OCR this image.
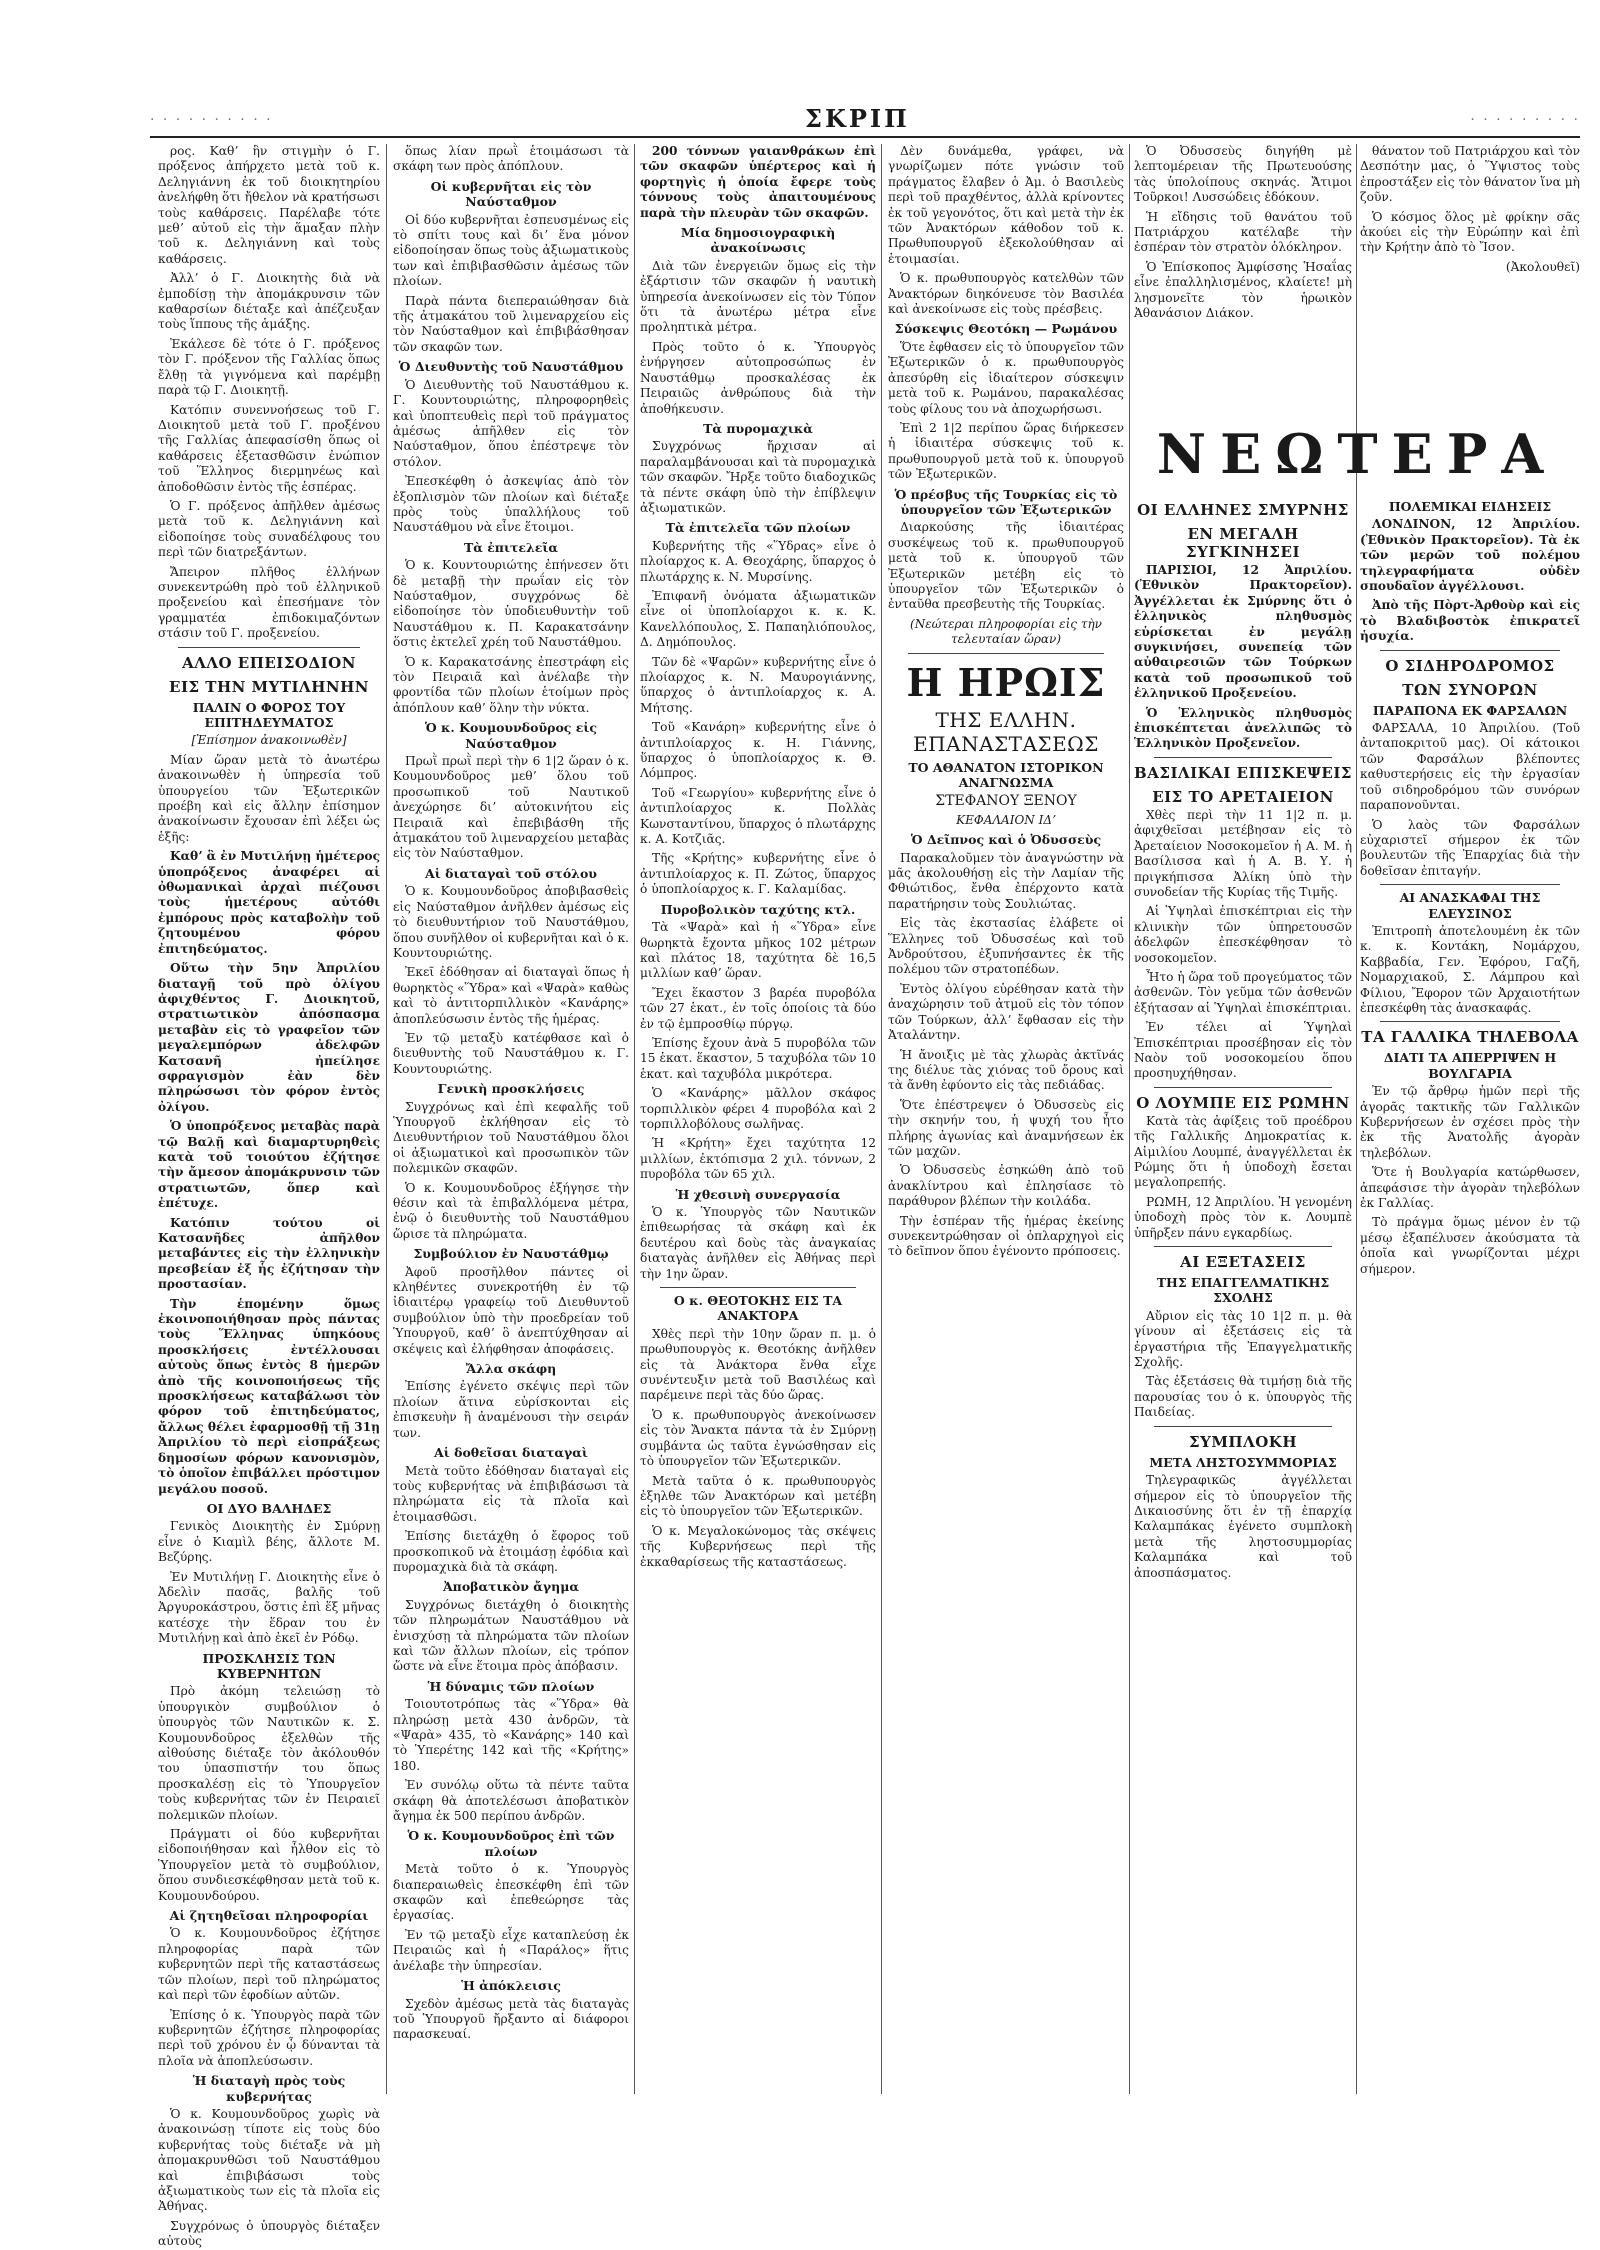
· · · · · · · · · ·	ΣΚΡΙΠ	· · · · · · · · ·

ρος. Καθʼ ἣν στιγμὴν ὁ Γ. πρόξενος ἀπήρχετο μετὰ τοῦ κ. Δεληγιάννη ἐκ τοῦ διοικητηρίου ἀνελήφθη ὅτι ἤθελον νὰ κρατήσωσι τοὺς καθάρσεις. Παρέλαβε τότε μεθʼ αὐτοῦ εἰς τὴν ἅμαξαν πλὴν τοῦ κ. Δεληγιάννη καὶ τοὺς καθάρσεις.

Ἀλλʼ ὁ Γ. Διοικητὴς διὰ νὰ ἐμποδίσῃ τὴν ἀπομάκρυνσιν τῶν καθαρσίων διέταξε καὶ ἀπέζευξαν τοὺς ἵππους τῆς ἁμάξης.

Ἐκάλεσε δὲ τότε ὁ Γ. πρόξενος τὸν Γ. πρόξενον τῆς Γαλλίας ὅπως ἔλθῃ τὰ γιγνόμενα καὶ παρέμβῃ παρὰ τῷ Γ. Διοικητῇ.

Κατόπιν συνεννοήσεως τοῦ Γ. Διοικητοῦ μετὰ τοῦ Γ. προξένου τῆς Γαλλίας ἀπεφασίσθη ὅπως οἱ καθάρσεις ἐξετασθῶσιν ἐνώπιον τοῦ Ἕλληνος διερμηνέως καὶ ἀποδοθῶσιν ἐντὸς τῆς ἑσπέρας.

Ὁ Γ. πρόξενος ἀπῆλθεν ἀμέσως μετὰ τοῦ κ. Δεληγιάννη καὶ εἰδοποίησε τοὺς συναδέλφους του περὶ τῶν διατρεξάντων.

Ἄπειρον πλῆθος ἑλλήνων συνεκεντρώθη πρὸ τοῦ ἑλληνικοῦ προξενείου καὶ ἐπεσήμανε τὸν γραμματέα ἐπιδοκιμαζόντων στάσιν τοῦ Γ. προξενείου.

ΑΛΛΟ ΕΠΕΙΣΟΔΙΟΝ
ΕΙΣ ΤΗΝ ΜΥΤΙΛΗΝΗΝ
ΠΑΛΙΝ Ο ΦΟΡΟΣ ΤΟΥ ΕΠΙΤΗΔΕΥΜΑΤΟΣ
[Ἐπίσημον ἀνακοινωθὲν]

Μίαν ὥραν μετὰ τὸ ἀνωτέρω ἀνακοινωθὲν ἡ ὑπηρεσία τοῦ ὑπουργείου τῶν Ἐξωτερικῶν προέβη καὶ εἰς ἄλλην ἐπίσημον ἀνακοίνωσιν ἔχουσαν ἐπὶ λέξει ὡς ἑξῆς:

Καθʼ ἃ ἐν Μυτιλήνῃ ἡμέτερος ὑποπρόξενος ἀναφέρει αἱ ὀθωμανικαὶ ἀρχαὶ πιέζουσι τοὺς ἡμετέρους αὐτόθι ἐμπόρους πρὸς καταβολὴν τοῦ ζητουμένου φόρου ἐπιτηδεύματος.

Οὕτω τὴν 5ην Ἀπριλίου διαταγῇ τοῦ πρὸ ὀλίγου ἀφιχθέντος Γ. Διοικητοῦ, στρατιωτικὸν ἀπόσπασμα μεταβὰν εἰς τὸ γραφεῖον τῶν μεγαλεμπόρων ἀδελφῶν Κατσανῆ ἠπείλησε σφραγισμὸν ἐὰν δὲν πληρώσωσι τὸν φόρον ἐντὸς ὀλίγου.

Ὁ ὑποπρόξενος μεταβὰς παρὰ τῷ Βαλῇ καὶ διαμαρτυρηθεὶς κατὰ τοῦ τοιούτου ἐζήτησε τὴν ἄμεσον ἀπομάκρυνσιν τῶν στρατιωτῶν, ὅπερ καὶ ἐπέτυχε.

Κατόπιν τούτου οἱ Κατσανῆδες ἀπῆλθον μεταβάντες εἰς τὴν ἐλληνικὴν πρεσβείαν ἐξ ἧς ἐζήτησαν τὴν προστασίαν.

Τὴν ἑπομένην ὅμως ἐκοινοποιήθησαν πρὸς πάντας τοὺς Ἕλληνας ὑπηκόους προσκλήσεις ἐντέλλουσαι αὐτοὺς ὅπως ἐντὸς 8 ἡμερῶν ἀπὸ τῆς κοινοποιήσεως τῆς προσκλήσεως καταβάλωσι τὸν φόρον τοῦ ἐπιτηδεύματος, ἄλλως θέλει ἐφαρμοσθῇ τῇ 31ῃ Ἀπριλίου τὸ περὶ εἰσπράξεως δημοσίων φόρων κανονισμὸν, τὸ ὁποῖον ἐπιβάλλει πρόστιμον μεγάλου ποσοῦ.

ΟΙ ΔΥΟ ΒΑΛΗΔΕΣ

Γενικὸς Διοικητὴς ἐν Σμύρνῃ εἶνε ὁ Κιαμὶλ βέης, ἄλλοτε Μ. Βεζύρης.

Ἐν Μυτιλήνῃ Γ. Διοικητὴς εἶνε ὁ Ἀδελὶν πασᾶς, βαλῆς τοῦ Ἀργυροκάστρου, ὅστις ἐπὶ ἕξ μῆνας κατέσχε τὴν ἕδραν του ἐν Μυτιλήνῃ καὶ ἀπὸ ἐκεῖ ἐν Ρόδῳ.

ΠΡΟΣΚΛΗΣΙΣ ΤΩΝ ΚΥΒΕΡΝΗΤΩΝ

Πρὸ ἀκόμη τελειώσῃ τὸ ὑπουργικὸν συμβούλιον ὁ ὑπουργὸς τῶν Ναυτικῶν κ. Σ. Κουμουνδοῦρος ἐξελθὼν τῆς αἰθούσης διέταξε τὸν ἀκόλουθόν του ὑπασπιστήν του ὅπως προσκαλέσῃ εἰς τὸ Ὑπουργεῖον τοὺς κυβερνήτας τῶν ἐν Πειραιεῖ πολεμικῶν πλοίων.

Πράγματι οἱ δύο κυβερνῆται εἰδοποιήθησαν καὶ ἦλθον εἰς τὸ Ὑπουργεῖον μετὰ τὸ συμβούλιον, ὅπου συνδιεσκέφθησαν μετὰ τοῦ κ. Κουμουνδούρου.

Αἱ ζητηθεῖσαι πληροφορίαι

Ὁ κ. Κουμουνδοῦρος ἐζήτησε πληροφορίας παρὰ τῶν κυβερνητῶν περὶ τῆς καταστάσεως τῶν πλοίων, περὶ τοῦ πληρώματος καὶ περὶ τῶν ἐφοδίων αὐτῶν.

Ἐπίσης ὁ κ. Ὑπουργὸς παρὰ τῶν κυβερνητῶν ἐζήτησε πληροφορίας περὶ τοῦ χρόνου ἐν ᾧ δύνανται τὰ πλοῖα νὰ ἀποπλεύσωσιν.

Ἡ διαταγὴ πρὸς τοὺς κυβερνήτας

Ὁ κ. Κουμουνδοῦρος χωρὶς νὰ ἀνακοινώσῃ τίποτε εἰς τοὺς δύο κυβερνήτας τοὺς διέταξε νὰ μὴ ἀπομακρυνθῶσι τοῦ Ναυστάθμου καὶ ἐπιβιβάσωσι τοὺς ἀξιωματικοὺς των εἰς τὰ πλοῖα εἰς Ἀθήνας.

Συγχρόνως ὁ ὑπουργὸς διέταξεν αὐτοὺς

ὅπως λίαν πρωῒ ἑτοιμάσωσι τὰ σκάφη των πρὸς ἀπόπλουν.

Οἱ κυβερνῆται εἰς τὸν Ναύσταθμον

Οἱ δύο κυβερνῆται ἐσπευσμένως εἰς τὸ σπίτι τους καὶ διʼ ἕνα μόνον εἰδοποίησαν ὅπως τοὺς ἀξιωματικοὺς των καὶ ἐπιβιβασθῶσιν ἀμέσως τῶν πλοίων.

Παρὰ πάντα διεπεραιώθησαν διὰ τῆς ἀτμακάτου τοῦ λιμεναρχείου εἰς τὸν Ναύσταθμον καὶ ἐπιβιβάσθησαν τῶν σκαφῶν των.

Ὁ Διευθυντὴς τοῦ Ναυστάθμου

Ὁ Διευθυντὴς τοῦ Ναυστάθμου κ. Γ. Κουντουριώτης, πληροφορηθεὶς καὶ ὑποπτευθεὶς περὶ τοῦ πράγματος ἀμέσως ἀπῆλθεν εἰς τὸν Ναύσταθμον, ὅπου ἐπέστρεψε τὸν στόλον.

Ἐπεσκέφθη ὁ ἀσκεψίας ἀπὸ τὸν ἐξοπλισμὸν τῶν πλοίων καὶ διέταξε πρὸς τοὺς ὑπαλλήλους τοῦ Ναυστάθμου νὰ εἶνε ἕτοιμοι.

Τὰ ἐπιτελεῖα

Ὁ κ. Κουντουριώτης ἐπήνεσεν ὅτι δὲ μεταβῇ τὴν πρωΐαν εἰς τὸν Ναύσταθμον, συγχρόνως δὲ εἰδοποίησε τὸν ὑποδιευθυντὴν τοῦ Ναυστάθμου κ. Π. Καρακατσάνην ὅστις ἐκτελεῖ χρέη τοῦ Ναυστάθμου.

Ὁ κ. Καρακατσάνης ἐπεστράφη εἰς τὸν Πειραιᾶ καὶ ἀνέλαβε τὴν φροντίδα τῶν πλοίων ἑτοίμων πρὸς ἀπόπλουν καθʼ ὅλην τὴν νύκτα.

Ὁ κ. Κουμουνδοῦρος εἰς Ναύσταθμον

Πρωῒ πρωῒ περὶ τὴν 6 1|2 ὥραν ὁ κ. Κουμουνδοῦρος μεθʼ ὅλου τοῦ προσωπικοῦ τοῦ Ναυτικοῦ ἀνεχώρησε διʼ αὐτοκινήτου εἰς Πειραιᾶ καὶ ἐπεβιβάσθη τῆς ἀτμακάτου τοῦ λιμεναρχείου μεταβὰς εἰς τὸν Ναύσταθμον.

Αἱ διαταγαὶ τοῦ στόλου

Ὁ κ. Κουμουνδοῦρος ἀποβιβασθεὶς εἰς Ναύσταθμον ἀνῆλθεν ἀμέσως εἰς τὸ διευθυντήριον τοῦ Ναυστάθμου, ὅπου συνῆλθον οἱ κυβερνῆται καὶ ὁ κ. Κουντουριώτης.

Ἐκεῖ ἐδόθησαν αἱ διαταγαὶ ὅπως ἡ θωρηκτὸς «Ὕδρα» καὶ «Ψαρὰ» καθὼς καὶ τὸ ἀντιτορπιλλικὸν «Κανάρης» ἀποπλεύσωσιν ἐντὸς τῆς ἡμέρας.

Ἐν τῷ μεταξὺ κατέφθασε καὶ ὁ διευθυντὴς τοῦ Ναυστάθμου κ. Γ. Κουντουριώτης.

Γενικὴ προσκλήσεις

Συγχρόνως καὶ ἐπὶ κεφαλῆς τοῦ Ὑπουργοῦ ἐκλήθησαν εἰς τὸ Διευθυντήριον τοῦ Ναυστάθμου ὅλοι οἱ ἀξιωματικοὶ καὶ προσωπικὸν τῶν πολεμικῶν σκαφῶν.

Ὁ κ. Κουμουνδοῦρος ἐξήγησε τὴν θέσιν καὶ τὰ ἐπιβαλλόμενα μέτρα, ἐνῷ ὁ διευθυντὴς τοῦ Ναυστάθμου ὥρισε τὰ πληρώματα.

Συμβούλιον ἐν Ναυστάθμῳ

Ἀφοῦ προσῆλθον πάντες οἱ κληθέντες συνεκροτήθη ἐν τῷ ἰδιαιτέρῳ γραφείῳ τοῦ Διευθυντοῦ συμβούλιον ὑπὸ τὴν προεδρείαν τοῦ Ὑπουργοῦ, καθʼ ὃ ἀνεπτύχθησαν αἱ σκέψεις καὶ ἐλήφθησαν ἀποφάσεις.

Ἄλλα σκάφη

Ἐπίσης ἐγένετο σκέψις περὶ τῶν πλοίων ἅτινα εὑρίσκονται εἰς ἐπισκευὴν ἢ ἀναμένουσι τὴν σειράν των.

Αἱ δοθεῖσαι διαταγαὶ

Μετὰ τοῦτο ἐδόθησαν διαταγαὶ εἰς τοὺς κυβερνήτας νὰ ἐπιβιβάσωσι τὰ πληρώματα εἰς τὰ πλοῖα καὶ ἑτοιμασθῶσι.

Ἐπίσης διετάχθη ὁ ἔφορος τοῦ προσκοπικοῦ νὰ ἐτοιμάσῃ ἐφόδια καὶ πυρομαχικὰ διὰ τὰ σκάφη.

Ἀποβατικὸν ἄγημα

Συγχρόνως διετάχθη ὁ διοικητὴς τῶν πληρωμάτων Ναυστάθμου νὰ ἐνισχύσῃ τὰ πληρώματα τῶν πλοίων καὶ τῶν ἄλλων πλοίων, εἰς τρόπον ὥστε νὰ εἶνε ἕτοιμα πρὸς ἀπόβασιν.

Ἡ δύναμις τῶν πλοίων

Τοιουτοτρόπως τὰς «Ὕδρα» θὰ πληρώσῃ μετὰ 430 ἀνδρῶν, τὰ «Ψαρὰ» 435, τὸ «Κανάρης» 140 καὶ τὸ Ὑπερέτης 142 καὶ τῆς «Κρήτης» 180.

Ἐν συνόλῳ οὕτω τὰ πέντε ταῦτα σκάφη θὰ ἀποτελέσωσι ἀποβατικὸν ἄγημα ἐκ 500 περίπου ἀνδρῶν.

Ὁ κ. Κουμουνδοῦρος ἐπὶ τῶν πλοίων

Μετὰ τοῦτο ὁ κ. Ὑπουργὸς διαπεραιωθεὶς ἐπεσκέφθη ἐπὶ τῶν σκαφῶν καὶ ἐπεθεώρησε τὰς ἐργασίας.

Ἐν τῷ μεταξὺ εἶχε καταπλεύσῃ ἐκ Πειραιῶς καὶ ἡ «Παράλος» ἥτις ἀνέλαβε τὴν ὑπηρεσίαν.

Ἡ ἀπόκλεισις

Σχεδὸν ἀμέσως μετὰ τὰς διαταγὰς τοῦ Ὑπουργοῦ ἤρξαντο αἱ διάφοροι παρασκευαί.

200 τόννων γαιανθράκων ἐπὶ τῶν σκαφῶν ὑπέρτερος καὶ ἡ φορτηγὶς ἡ ὁποία ἔφερε τοὺς τόννους τοὺς ἀπαιτουμένους παρὰ τὴν πλευρὰν τῶν σκαφῶν.

Μία δημοσιογραφικὴ ἀνακοίνωσις

Διὰ τῶν ἐνεργειῶν ὅμως εἰς τὴν ἐξάρτισιν τῶν σκαφῶν ἡ ναυτικὴ ὑπηρεσία ἀνεκοίνωσεν εἰς τὸν Τύπον ὅτι τὰ ἀνωτέρω μέτρα εἶνε προληπτικὰ μέτρα.

Πρὸς τοῦτο ὁ κ. Ὑπουργὸς ἐνήργησεν αὐτοπροσώπως ἐν Ναυστάθμῳ προσκαλέσας ἐκ Πειραιῶς ἀνθρώπους διὰ τὴν ἀποθήκευσιν.

Τὰ πυρομαχικὰ

Συγχρόνως ἤρχισαν αἱ παραλαμβάνουσαι καὶ τὰ πυρομαχικὰ τῶν σκαφῶν. Ἤρξε τοῦτο διαδοχικῶς τὰ πέντε σκάφη ὑπὸ τὴν ἐπίβλεψιν ἀξιωματικῶν.

Τὰ ἐπιτελεῖα τῶν πλοίων

Κυβερνήτης τῆς «Ὕδρας» εἶνε ὁ πλοίαρχος κ. Α. Θεοχάρης, ὕπαρχος ὁ πλωτάρχης κ. Ν. Μυρσίνης.

Ἐπιφανῆ ὀνόματα ἀξιωματικῶν εἶνε οἱ ὑποπλοίαρχοι κ. κ. Κ. Κανελλόπουλος, Σ. Παπαηλιόπουλος, Δ. Δημόπουλος.

Τῶν δὲ «Ψαρῶν» κυβερνήτης εἶνε ὁ πλοίαρχος κ. Ν. Μαυρογιάννης, ὕπαρχος ὁ ἀντιπλοίαρχος κ. Α. Μήτσης.

Τοῦ «Κανάρη» κυβερνήτης εἶνε ὁ ἀντιπλοίαρχος κ. Η. Γιάννης, ὕπαρχος ὁ ὑποπλοίαρχος κ. Θ. Λόμπρος.

Τοῦ «Γεωργίου» κυβερνήτης εἶνε ὁ ἀντιπλοίαρχος κ. Πολλὰς Κωνσταντίνου, ὕπαρχος ὁ πλωτάρχης κ. Α. Κοτζιᾶς.

Τῆς «Κρήτης» κυβερνήτης εἶνε ὁ ἀντιπλοίαρχος κ. Π. Ζώτος, ὕπαρχος ὁ ὑποπλοίαρχος κ. Γ. Καλαμίδας.

Πυροβολικὸν ταχύτης κτλ.

Τὰ «Ψαρὰ» καὶ ἡ «Ὕδρα» εἶνε θωρηκτὰ ἔχοντα μῆκος 102 μέτρων καὶ πλάτος 18, ταχύτητα δὲ 16,5 μιλλίων καθʼ ὥραν.

Ἔχει ἕκαστον 3 βαρέα πυροβόλα τῶν 27 ἑκατ., ἐν τοῖς ὁποίοις τὰ δύο ἐν τῷ ἐμπροσθίῳ πύργῳ.

Ἐπίσης ἔχουν ἀνὰ 5 πυροβόλα τῶν 15 ἑκατ. ἕκαστον, 5 ταχυβόλα τῶν 10 ἑκατ. καὶ ταχυβόλα μικρότερα.

Ὁ «Κανάρης» μᾶλλον σκάφος τορπιλλικὸν φέρει 4 πυροβόλα καὶ 2 τορπιλλοβόλους σωλῆνας.

Ἡ «Κρήτη» ἔχει ταχύτητα 12 μιλλίων, ἐκτόπισμα 2 χιλ. τόννων, 2 πυροβόλα τῶν 65 χιλ.

Ἡ χθεσινὴ συνεργασία

Ὁ κ. Ὑπουργὸς τῶν Ναυτικῶν ἐπιθεωρήσας τὰ σκάφη καὶ ἐκ δευτέρου καὶ δοὺς τὰς ἀναγκαίας διαταγὰς ἀνῆλθεν εἰς Ἀθήνας περὶ τὴν 1ην ὥραν.

Ο κ. ΘΕΟΤΟΚΗΣ ΕΙΣ ΤΑ ΑΝΑΚΤΟΡΑ

Χθὲς περὶ τὴν 10ην ὥραν π. μ. ὁ πρωθυπουργὸς κ. Θεοτόκης ἀνῆλθεν εἰς τὰ Ἀνάκτορα ἔνθα εἶχε συνέντευξιν μετὰ τοῦ Βασιλέως καὶ παρέμεινε περὶ τὰς δύο ὥρας.

Ὁ κ. πρωθυπουργὸς ἀνεκοίνωσεν εἰς τὸν Ἄνακτα πάντα τὰ ἐν Σμύρνῃ συμβάντα ὡς ταῦτα ἐγνώσθησαν εἰς τὸ ὑπουργεῖον τῶν Ἐξωτερικῶν.

Μετὰ ταῦτα ὁ κ. πρωθυπουργὸς ἐξηλθε τῶν Ἀνακτόρων καὶ μετέβη εἰς τὸ ὑπουργεῖον τῶν Ἐξωτερικῶν.

Ὁ κ. Μεγαλοκώνομος τὰς σκέψεις τῆς Κυβερνήσεως περὶ τῆς ἐκκαθαρίσεως τῆς καταστάσεως.

Δὲν δυνάμεθα, γράφει, νὰ γνωρίζωμεν πότε γνώσιν τοῦ πράγματος ἔλαβεν ὁ Ἀμ. ὁ Βασιλεὺς περὶ τοῦ πραχθέντος, ἀλλὰ κρίνοντες ἐκ τοῦ γεγονότος, ὅτι καὶ μετὰ τὴν ἐκ τῶν Ἀνακτόρων κάθοδον τοῦ κ. Πρωθυπουργοῦ ἐξεκολούθησαν αἱ ἑτοιμασίαι.

Ὁ κ. πρωθυπουργὸς κατελθὼν τῶν Ἀνακτόρων διηκόνευσε τὸν Βασιλέα καὶ ἀνεκοίνωσε εἰς τοὺς πρέσβεις.

Σύσκεψις Θεοτόκη — Ρωμάνου

Ὅτε ἐφθασεν εἰς τὸ ὑπουργεῖον τῶν Ἐξωτερικῶν ὁ κ. πρωθυπουργὸς ἀπεσύρθη εἰς ἰδιαίτερον σύσκεψιν μετὰ τοῦ κ. Ρωμάνου, παρακαλέσας τοὺς φίλους του νὰ ἀποχωρήσωσι.

Ἐπὶ 2 1|2 περίπου ὥρας διήρκεσεν ἡ ἰδιαιτέρα σύσκεψις τοῦ κ. πρωθυπουργοῦ μετὰ τοῦ κ. ὑπουργοῦ τῶν Ἐξωτερικῶν.

Ὁ πρέσβυς τῆς Τουρκίας εἰς τὸ ὑπουργεῖον τῶν Ἐξωτερικῶν

Διαρκούσης τῆς ἰδιαιτέρας συσκέψεως τοῦ κ. πρωθυπουργοῦ μετὰ τοῦ κ. ὑπουργοῦ τῶν Ἐξωτερικῶν μετέβη εἰς τὸ ὑπουργεῖον τῶν Ἐξωτερικῶν ὁ ἐνταῦθα πρεσβευτὴς τῆς Τουρκίας.

(Νεώτεραι πληροφορίαι εἰς τὴν τελευταίαν ὥραν)
Η ΗΡΩΙΣ
ΤΗΣ ΕΛΛΗΝ. ΕΠΑΝΑΣΤΑΣΕΩΣ
ΤΟ ΑΘΑΝΑΤΟΝ ΙΣΤΟΡΙΚΟΝ ΑΝΑΓΝΩΣΜΑ
ΣΤΕΦΑΝΟΥ ΞΕΝΟΥ
ΚΕΦΑΛΑΙΟΝ ΙΔʼ
Ὁ Δεῖπνος καὶ ὁ Ὀδυσσεὺς

Παρακαλοῦμεν τὸν ἀναγνώστην νὰ μᾶς ἀκολουθήσῃ εἰς τὴν Λαμίαν τῆς Φθιώτιδος, ἔνθα ἐπέρχοντο κατὰ παρατήρησιν τοὺς Σουλιώτας.

Εἰς τὰς ἐκστασίας ἐλάβετε οἱ Ἕλληνες τοῦ Ὀδυσσέως καὶ τοῦ Ἀνδρούτσου, ἐξυπνήσαντες ἐκ τῆς πολέμου τῶν στρατοπέδων.

Ἐντὸς ὀλίγου εὑρέθησαν κατὰ τὴν ἀναχώρησιν τοῦ ἀτμοῦ εἰς τὸν τόπον τῶν Τούρκων, ἀλλʼ ἔφθασαν εἰς τὴν Ἀταλάντην.

Ἡ ἄνοιξις μὲ τὰς χλωρὰς ἀκτῖνάς της διέλυε τὰς χιόνας τοῦ ὄρους καὶ τὰ ἄνθη ἐφύοντο εἰς τὰς πεδιάδας.

Ὅτε ἐπέστρεψεν ὁ Ὀδυσσεὺς εἰς τὴν σκηνήν του, ἡ ψυχή του ἦτο πλήρης ἀγωνίας καὶ ἀναμνήσεων ἐκ τῶν μαχῶν.

Ὁ Ὀδυσσεὺς ἐσηκώθη ἀπὸ τοῦ ἀνακλίντρου καὶ ἐπλησίασε τὸ παράθυρον βλέπων τὴν κοιλάδα.

Τὴν ἑσπέραν τῆς ἡμέρας ἐκείνης συνεκεντρώθησαν οἱ ὁπλαρχηγοὶ εἰς τὸ δεῖπνον ὅπου ἐγένοντο πρόποσεις.

Ὁ Ὀδυσσεὺς διηγήθη μὲ λεπτομέρειαν τῆς Πρωτευούσης τὰς ὑπολοίπους σκηνάς. Ἄτιμοι Τοῦρκοι! Λυσσώδεις ἐδόκουν.

Ἡ εἴδησις τοῦ θανάτου τοῦ Πατριάρχου κατέλαβε τὴν ἑσπέραν τὸν στρατὸν ὁλόκληρον.

Ὁ Ἐπίσκοπος Ἀμφίσσης Ἡσαΐας εἶνε ἐπαλληλισμένος, κλαίετε! μὴ λησμονεῖτε τὸν ἡρωικὸν Ἀθανάσιον Διάκον.

θάνατον τοῦ Πατριάρχου καὶ τὸν Δεσπότην μας, ὁ Ὕψιστος τοὺς ἐπροστάξεν εἰς τὸν θάνατον ἵνα μὴ ζοῦν.

Ὁ κόσμος ὅλος μὲ φρίκην σᾶς ἀκούει εἰς τὴν Εὐρώπην καὶ ἐπὶ τὴν Κρήτην ἀπὸ τὸ Ἴσον.

(Ἀκολουθεῖ)
ΝΕΩΤΕΡΑ
ΟΙ ΕΛΛΗΝΕΣ ΣΜΥΡΝΗΣ
ΕΝ ΜΕΓΑΛΗ ΣΥΓΚΙΝΗΣΕΙ

ΠΑΡΙΣΙΟΙ, 12 Ἀπριλίου. (Ἐθνικὸν Πρακτορεῖον). Ἀγγέλλεται ἐκ Σμύρνης ὅτι ὁ ἑλληνικὸς πληθυσμὸς εὑρίσκεται ἐν μεγάλῃ συγκινήσει, συνεπείᾳ τῶν αὐθαιρεσιῶν τῶν Τούρκων κατὰ τοῦ προσωπικοῦ τοῦ ἑλληνικοῦ Προξενείου.

Ὁ Ἑλληνικὸς πληθυσμὸς ἐπισκέπτεται ἀνελλιπῶς τὸ Ἑλληνικὸν Προξενεῖον.

ΒΑΣΙΛΙΚΑΙ ΕΠΙΣΚΕΨΕΙΣ
ΕΙΣ ΤΟ ΑΡΕΤΑΙΕΙΟΝ

Χθὲς περὶ τὴν 11 1|2 π. μ. ἀφιχθεῖσαι μετέβησαν εἰς τὸ Ἀρεταίειον Νοσοκομεῖον ἡ Α. Μ. ἡ Βασίλισσα καὶ ἡ Α. Β. Υ. ἡ πριγκήπισσα Ἀλίκη ὑπὸ τὴν συνοδείαν τῆς Κυρίας τῆς Τιμῆς.

Αἱ Ὑψηλαὶ ἐπισκέπτριαι εἰς τὴν κλινικὴν τῶν ὑπηρετουσῶν ἀδελφῶν ἐπεσκέφθησαν τὸ νοσοκομεῖον.

Ἦτο ἡ ὥρα τοῦ προγεύματος τῶν ἀσθενῶν. Τὸν γεῦμα τῶν ἀσθενῶν ἐξήτασαν αἱ Ὑψηλαὶ ἐπισκέπτριαι.

Ἐν τέλει αἱ Ὑψηλαὶ Ἐπισκέπτριαι προσέβησαν εἰς τὸν Ναὸν τοῦ νοσοκομείου ὅπου προσηυχήθησαν.

Ο ΛΟΥΜΠΕ ΕΙΣ ΡΩΜΗΝ

Κατὰ τὰς ἀφίξεις τοῦ προέδρου τῆς Γαλλικῆς Δημοκρατίας κ. Αἰμιλίου Λουμπέ, ἀναγγέλλεται ἐκ Ρώμης ὅτι ἡ ὑποδοχὴ ἔσεται μεγαλοπρεπής.

ΡΩΜΗ, 12 Ἀπριλίου. Ἡ γενομένη ὑποδοχὴ πρὸς τὸν κ. Λουμπὲ ὑπῆρξεν πάνυ εγκαρδίως.

ΑΙ ΕΞΕΤΑΣΕΙΣ
ΤΗΣ ΕΠΑΓΓΕΛΜΑΤΙΚΗΣ ΣΧΟΛΗΣ

Αὔριον εἰς τὰς 10 1|2 π. μ. θὰ γίνουν αἱ ἐξετάσεις εἰς τὰ ἐργαστήρια τῆς Ἐπαγγελματικῆς Σχολῆς.

Τὰς ἐξετάσεις θὰ τιμήσῃ διὰ τῆς παρουσίας του ὁ κ. ὑπουργὸς τῆς Παιδείας.

ΣΥΜΠΛΟΚΗ
ΜΕΤΑ ΛΗΣΤΟΣΥΜΜΟΡΙΑΣ

Τηλεγραφικῶς ἀγγέλλεται σήμερον εἰς τὸ ὑπουργεῖον τῆς Δικαιοσύνης ὅτι ἐν τῇ ἐπαρχίᾳ Καλαμπάκας ἐγένετο συμπλοκὴ μετὰ τῆς ληστοσυμμορίας Καλαμπάκα καὶ τοῦ ἀποσπάσματος.

ΠΟΛΕΜΙΚΑΙ ΕΙΔΗΣΕΙΣ

ΛΟΝΔΙΝΟΝ, 12 Ἀπριλίου. (Ἐθνικὸν Πρακτορεῖον). Τὰ ἐκ τῶν μερῶν τοῦ πολέμου τηλεγραφήματα οὐδὲν σπουδαῖον ἀγγέλλουσι.

Ἀπὸ τῆς Πὸρτ-Ἀρθοὺρ καὶ εἰς τὸ Βλαδιβοστὸκ ἐπικρατεῖ ἡσυχία.

Ο ΣΙΔΗΡΟΔΡΟΜΟΣ
ΤΩΝ ΣΥΝΟΡΩΝ
ΠΑΡΑΠΟΝΑ ΕΚ ΦΑΡΣΑΛΩΝ

ΦΑΡΣΑΛΑ, 10 Ἀπριλίου. (Τοῦ ἀνταποκριτοῦ μας). Οἱ κάτοικοι τῶν Φαρσάλων βλέποντες καθυστερήσεις εἰς τὴν ἐργασίαν τοῦ σιδηροδρόμου τῶν συνόρων παραπονοῦνται.

Ὁ λαὸς τῶν Φαρσάλων εὐχαριστεῖ σήμερον ἐκ τῶν βουλευτῶν τῆς Ἐπαρχίας διὰ τὴν δοθεῖσαν ἐπιταγήν.

ΑΙ ΑΝΑΣΚΑΦΑΙ ΤΗΣ ΕΛΕΥΣΙΝΟΣ

Ἐπιτροπὴ ἀποτελουμένη ἐκ τῶν κ. κ. Κοντάκη, Νομάρχου, Καββαδία, Γεν. Ἐφόρου, Γαζῆ, Νομαρχιακοῦ, Σ. Λάμπρου καὶ Φίλιου, Ἔφορον τῶν Ἀρχαιοτήτων ἐπεσκέφθη τὰς ἀνασκαφάς.

ΤΑ ΓΑΛΛΙΚΑ ΤΗΛΕΒΟΛΑ
ΔΙΑΤΙ ΤΑ ΑΠΕΡΡΙΨΕΝ Η ΒΟΥΛΓΑΡΙΑ

Ἐν τῷ ἄρθρῳ ἡμῶν περὶ τῆς ἀγορᾶς τακτικῆς τῶν Γαλλικῶν Κυβερνήσεων ἐν σχέσει πρὸς τὴν ἐκ τῆς Ἀνατολῆς ἀγορὰν τηλεβόλων.

Ὅτε ἡ Βουλγαρία κατώρθωσεν, ἀπεφάσισε τὴν ἀγορὰν τηλεβόλων ἐκ Γαλλίας.

Τὸ πράγμα ὅμως μένον ἐν τῷ μέσῳ ἐξαπέλυσεν ἀκούσματα τὰ ὁποῖα καὶ γνωρίζονται μέχρι σήμερον.
